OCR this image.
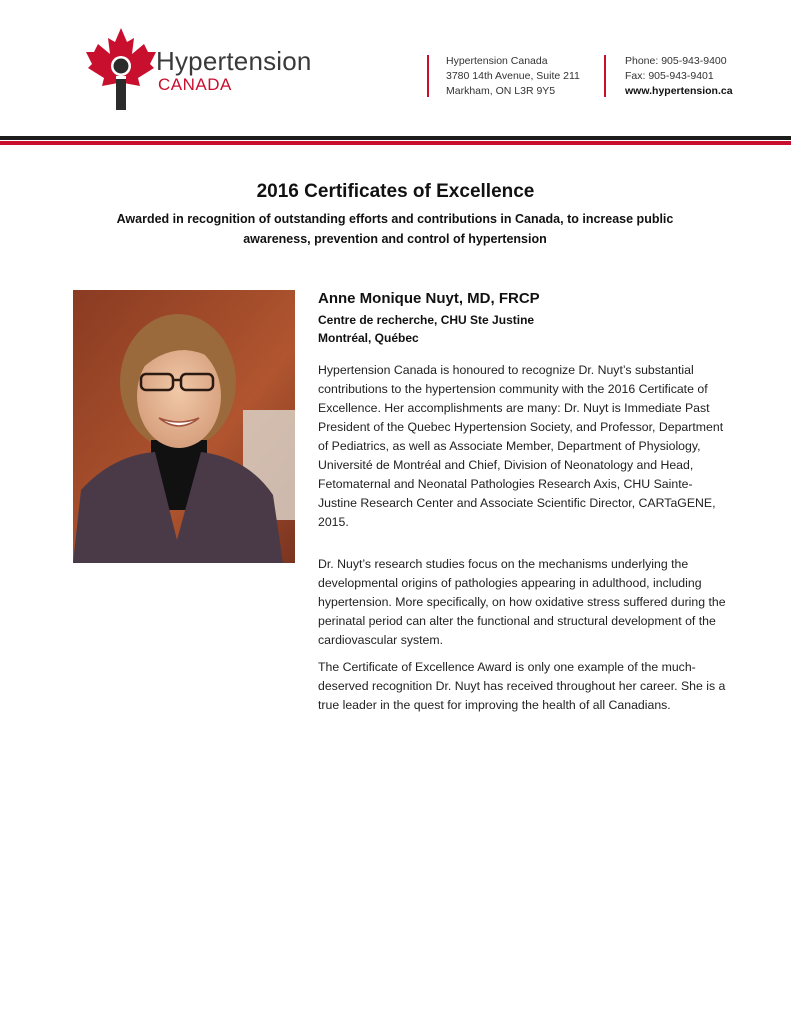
Hypertension
CANADA
Hypertension Canada
3780 14th Avenue, Suite 211
Markham, ON L3R 9Y5
Phone: 905-943-9400
Fax: 905-943-9401
www.hypertension.ca
2016 Certificates of Excellence
Awarded in recognition of outstanding efforts and contributions in Canada, to increase public
awareness, prevention and control of hypertension
Anne Monique Nuyt, MD, FRCP
Centre de recherche, CHU Ste Justine
Montréal, Québec

Hypertension Canada is honoured to recognize Dr. Nuyt’s substantial contributions to the hypertension community with the 2016 Certificate of Excellence. Her accomplishments are many: Dr. Nuyt is Immediate Past President of the Quebec Hypertension Society, and Professor, Department of Pediatrics, as well as Associate Member, Department of Physiology, Université de Montréal and Chief, Division of Neonatology and Head, Fetomaternal and Neonatal Pathologies Research Axis, CHU Sainte-Justine Research Center and Associate Scientific Director, CARTaGENE, 2015.

Dr. Nuyt’s research studies focus on the mechanisms underlying the developmental origins of pathologies appearing in adulthood, including hypertension. More specifically, on how oxidative stress suffered during the perinatal period can alter the functional and structural development of the cardiovascular system.

The Certificate of Excellence Award is only one example of the much-deserved recognition Dr. Nuyt has received throughout her career. She is a true leader in the quest for improving the health of all Canadians.
